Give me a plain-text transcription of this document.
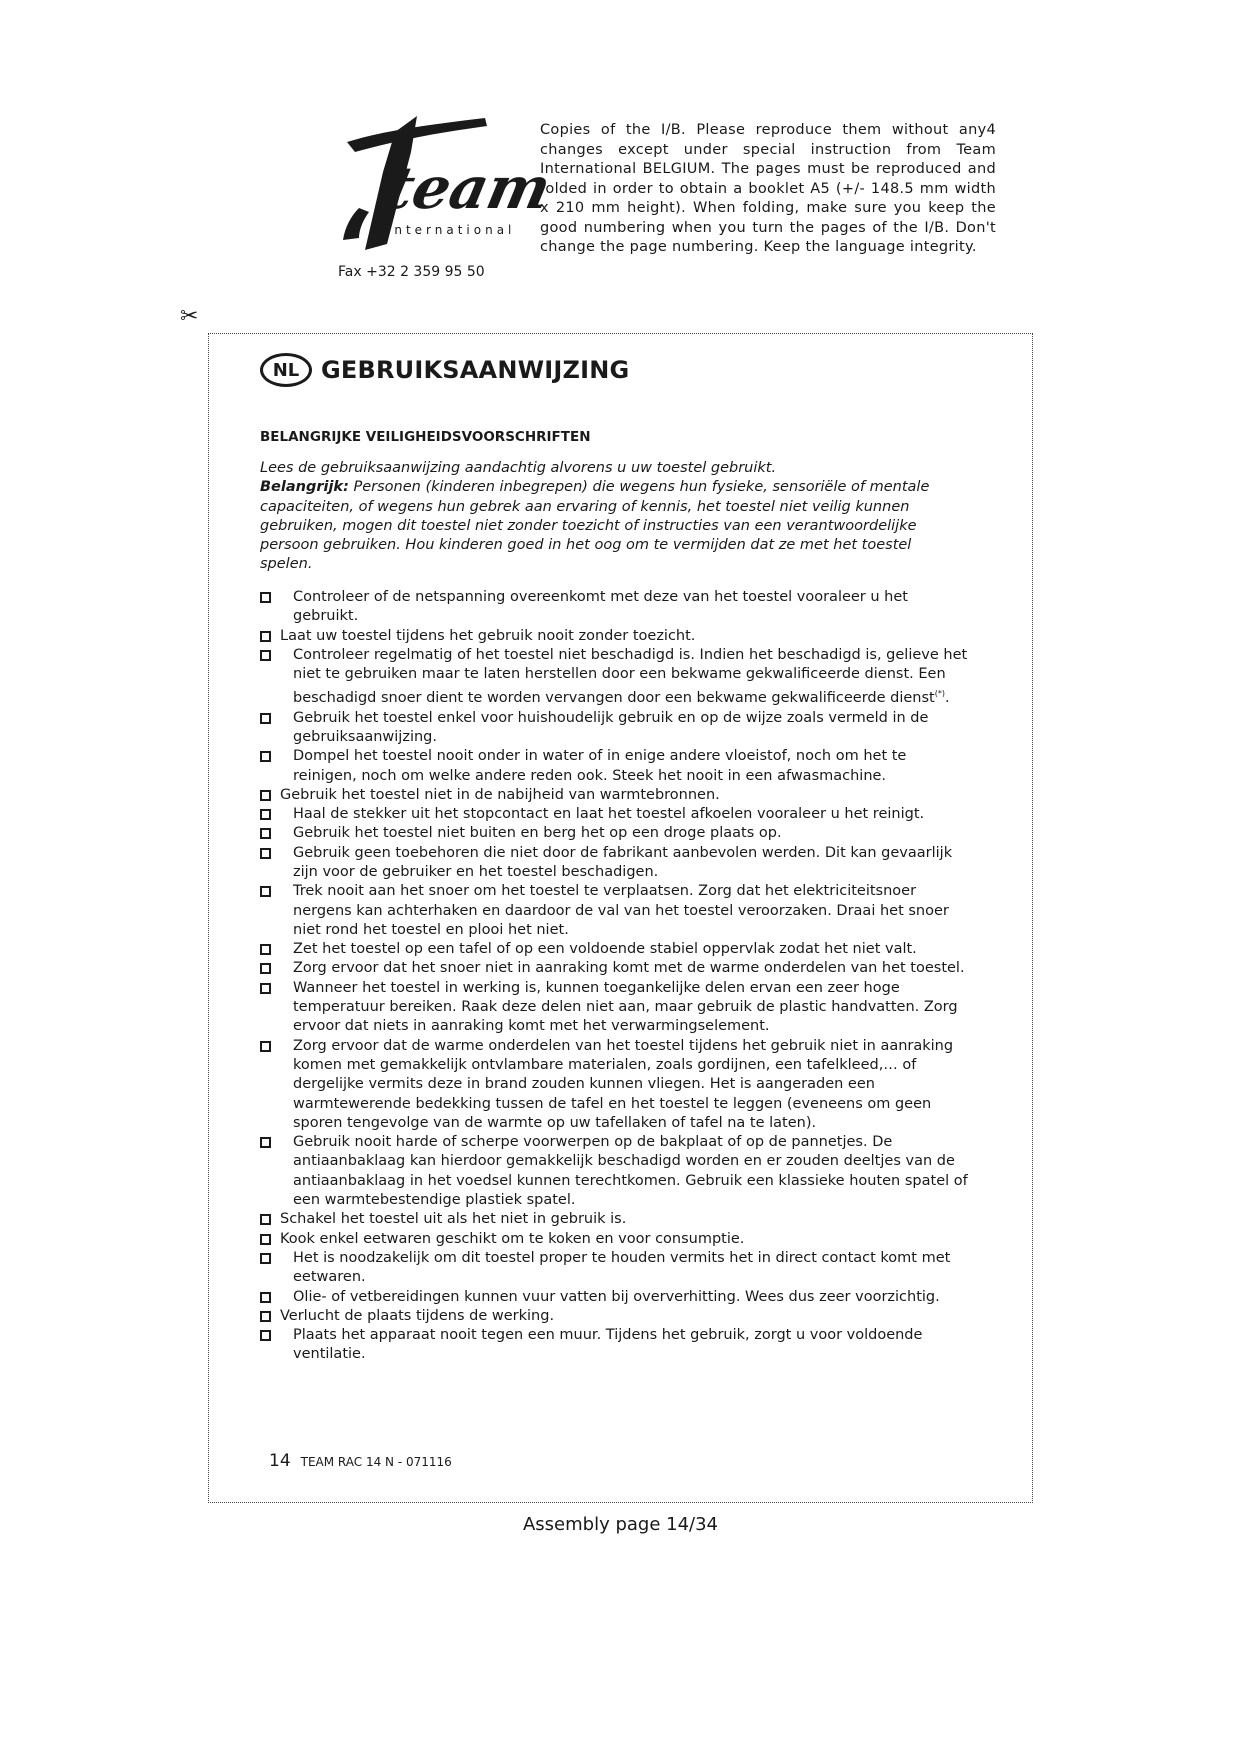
team
international
Fax +32 2 359 95 50
Copies of the I/B. Please reproduce them without any4 changes except under special instruction from Team International BELGIUM. The pages must be reproduced and folded in order to obtain a booklet A5 (+/- 148.5 mm width x 210 mm height). When folding, make sure you keep the good numbering when you turn the pages of the I/B. Don't change the page numbering. Keep the language integrity.
✂
NL GEBRUIKSAANWIJZING
BELANGRIJKE VEILIGHEIDSVOORSCHRIFTEN

Lees de gebruiksaanwijzing aandachtig alvorens u uw toestel gebruikt.

Belangrijk: Personen (kinderen inbegrepen) die wegens hun fysieke, sensoriële of mentale capaciteiten, of wegens hun gebrek aan ervaring of kennis, het toestel niet veilig kunnen gebruiken, mogen dit toestel niet zonder toezicht of instructies van een verantwoordelijke persoon gebruiken. Hou kinderen goed in het oog om te vermijden dat ze met het toestel spelen.

Controleer of de netspanning overeenkomt met deze van het toestel vooraleer u het gebruikt.
Laat uw toestel tijdens het gebruik nooit zonder toezicht.
Controleer regelmatig of het toestel niet beschadigd is. Indien het beschadigd is, gelieve het niet te gebruiken maar te laten herstellen door een bekwame gekwalificeerde dienst. Een beschadigd snoer dient te worden vervangen door een bekwame gekwalificeerde dienst(*).
Gebruik het toestel enkel voor huishoudelijk gebruik en op de wijze zoals vermeld in de gebruiksaanwijzing.
Dompel het toestel nooit onder in water of in enige andere vloeistof, noch om het te reinigen, noch om welke andere reden ook. Steek het nooit in een afwasmachine.
Gebruik het toestel niet in de nabijheid van warmtebronnen.
Haal de stekker uit het stopcontact en laat het toestel afkoelen vooraleer u het reinigt.
Gebruik het toestel niet buiten en berg het op een droge plaats op.
Gebruik geen toebehoren die niet door de fabrikant aanbevolen werden. Dit kan gevaarlijk zijn voor de gebruiker en het toestel beschadigen.
Trek nooit aan het snoer om het toestel te verplaatsen. Zorg dat het elektriciteitsnoer nergens kan achterhaken en daardoor de val van het toestel veroorzaken. Draai het snoer niet rond het toestel en plooi het niet.
Zet het toestel op een tafel of op een voldoende stabiel oppervlak zodat het niet valt.
Zorg ervoor dat het snoer niet in aanraking komt met de warme onderdelen van het toestel.
Wanneer het toestel in werking is, kunnen toegankelijke delen ervan een zeer hoge temperatuur bereiken. Raak deze delen niet aan, maar gebruik de plastic handvatten. Zorg ervoor dat niets in aanraking komt met het verwarmingselement.
Zorg ervoor dat de warme onderdelen van het toestel tijdens het gebruik niet in aanraking komen met gemakkelijk ontvlambare materialen, zoals gordijnen, een tafelkleed,… of dergelijke vermits deze in brand zouden kunnen vliegen. Het is aangeraden een warmtewerende bedekking tussen de tafel en het toestel te leggen (eveneens om geen sporen tengevolge van de warmte op uw tafellaken of tafel na te laten).
Gebruik nooit harde of scherpe voorwerpen op de bakplaat of op de pannetjes. De antiaanbaklaag kan hierdoor gemakkelijk beschadigd worden en er zouden deeltjes van de antiaanbaklaag in het voedsel kunnen terechtkomen. Gebruik een klassieke houten spatel of een warmtebestendige plastiek spatel.
Schakel het toestel uit als het niet in gebruik is.
Kook enkel eetwaren geschikt om te koken en voor consumptie.
Het is noodzakelijk om dit toestel proper te houden vermits het in direct contact komt met eetwaren.
Olie- of vetbereidingen kunnen vuur vatten bij oververhitting. Wees dus zeer voorzichtig.
Verlucht de plaats tijdens de werking.
Plaats het apparaat nooit tegen een muur. Tijdens het gebruik, zorgt u voor voldoende ventilatie.
14 TEAM RAC 14 N - 071116
Assembly page 14/34
